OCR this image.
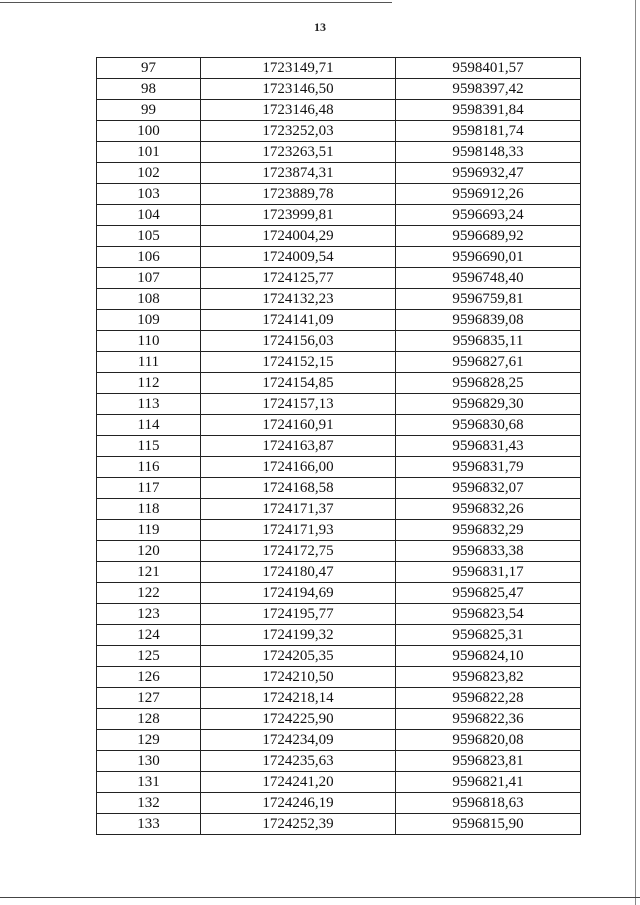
13
97	1723149,71	9598401,57
98	1723146,50	9598397,42
99	1723146,48	9598391,84
100	1723252,03	9598181,74
101	1723263,51	9598148,33
102	1723874,31	9596932,47
103	1723889,78	9596912,26
104	1723999,81	9596693,24
105	1724004,29	9596689,92
106	1724009,54	9596690,01
107	1724125,77	9596748,40
108	1724132,23	9596759,81
109	1724141,09	9596839,08
110	1724156,03	9596835,11
111	1724152,15	9596827,61
112	1724154,85	9596828,25
113	1724157,13	9596829,30
114	1724160,91	9596830,68
115	1724163,87	9596831,43
116	1724166,00	9596831,79
117	1724168,58	9596832,07
118	1724171,37	9596832,26
119	1724171,93	9596832,29
120	1724172,75	9596833,38
121	1724180,47	9596831,17
122	1724194,69	9596825,47
123	1724195,77	9596823,54
124	1724199,32	9596825,31
125	1724205,35	9596824,10
126	1724210,50	9596823,82
127	1724218,14	9596822,28
128	1724225,90	9596822,36
129	1724234,09	9596820,08
130	1724235,63	9596823,81
131	1724241,20	9596821,41
132	1724246,19	9596818,63
133	1724252,39	9596815,90
